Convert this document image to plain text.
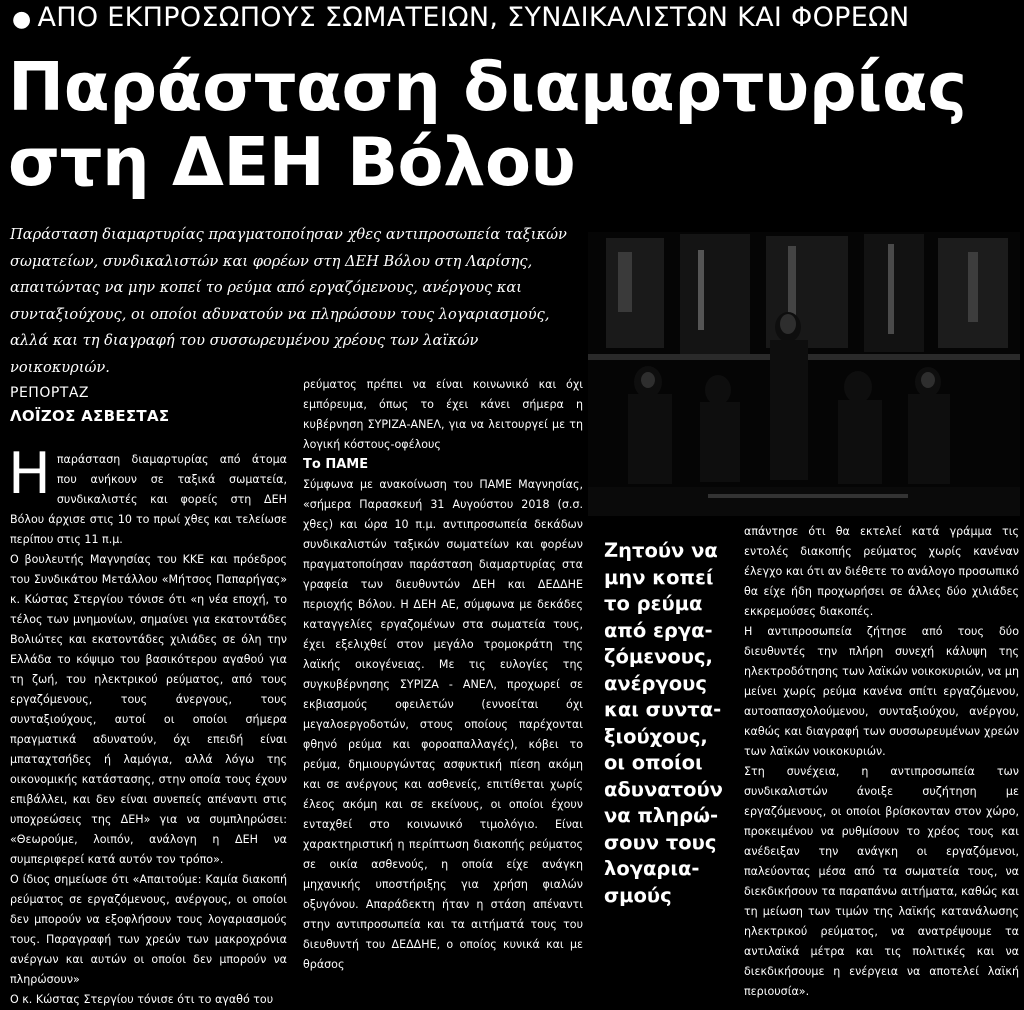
● ΑΠΟ ΕΚΠΡΟΣΩΠΟΥΣ ΣΩΜΑΤΕΙΩΝ, ΣΥΝΔΙΚΑΛΙΣΤΩΝ ΚΑΙ ΦΟΡΕΩΝ
Παράσταση διαμαρτυρίας
στη ΔΕΗ Βόλου
Παράσταση διαμαρτυρίας πραγματοποίησαν χθες αντιπροσωπεία ταξικών σωματείων, συνδικαλιστών και φορέων στη ΔΕΗ Βόλου στη Λαρίσης, απαιτώντας να μην κοπεί το ρεύμα από εργαζόμενους, ανέργους και συνταξιούχους, οι οποίοι αδυνατούν να πληρώσουν τους λογαριασμούς, αλλά και τη διαγραφή του συσσωρευμένου χρέους των λαϊκών νοικοκυριών.
ΡΕΠΟΡΤΑΖ
ΛΟΪΖΟΣ ΑΣΒΕΣΤΑΣ
Η παράσταση διαμαρτυρίας από άτομα που ανήκουν σε ταξικά σωματεία, συνδικαλιστές και φορείς στη ΔΕΗ Βόλου άρχισε στις 10 το πρωί χθες και τελείωσε περίπου στις 11 π.μ.

Ο βουλευτής Μαγνησίας του ΚΚΕ και πρόεδρος του Συνδικάτου Μετάλλου «Μήτσος Παπαρήγας» κ. Κώστας Στεργίου τόνισε ότι «η νέα εποχή, το τέλος των μνημονίων, σημαίνει για εκατοντάδες Βολιώτες και εκατοντάδες χιλιάδες σε όλη την Ελλάδα το κόψιμο του βασικότερου αγαθού για τη ζωή, του ηλεκτρικού ρεύματος, από τους εργαζόμενους, τους άνεργους, τους συνταξιούχους, αυτοί οι οποίοι σήμερα πραγματικά αδυνατούν, όχι επειδή είναι μπαταχτσήδες ή λαμόγια, αλλά λόγω της οικονομικής κατάστασης, στην οποία τους έχουν επιβάλλει, και δεν είναι συνεπείς απέναντι στις υποχρεώσεις της ΔΕΗ» για να συμπληρώσει: «Θεωρούμε, λοιπόν, ανάλογη η ΔΕΗ να συμπεριφερεί κατά αυτόν τον τρόπο».

Ο ίδιος σημείωσε ότι «Απαιτούμε: Καμία διακοπή ρεύματος σε εργαζόμενους, ανέργους, οι οποίοι δεν μπορούν να εξοφλήσουν τους λογαριασμούς τους. Παραγραφή των χρεών των μακροχρόνια ανέργων και αυτών οι οποίοι δεν μπορούν να πληρώσουν»

Ο κ. Κώστας Στεργίου τόνισε ότι το αγαθό του

ρεύματος πρέπει να είναι κοινωνικό και όχι εμπόρευμα, όπως το έχει κάνει σήμερα η κυβέρνηση ΣΥΡΙΖΑ-ΑΝΕΛ, για να λειτουργεί με τη λογική κόστους-οφέλους

Το ΠΑΜΕ

Σύμφωνα με ανακοίνωση του ΠΑΜΕ Μαγνησίας, «σήμερα Παρασκευή 31 Αυγούστου 2018 (σ.σ. χθες) και ώρα 10 π.μ. αντιπροσωπεία δεκάδων συνδικαλιστών ταξικών σωματείων και φορέων πραγματοποίησαν παράσταση διαμαρτυρίας στα γραφεία των διευθυντών ΔΕΗ και ΔΕΔΔΗΕ περιοχής Βόλου. Η ΔΕΗ ΑΕ, σύμφωνα με δεκάδες καταγγελίες εργαζομένων στα σωματεία τους, έχει εξελιχθεί στον μεγάλο τρομοκράτη της λαϊκής οικογένειας. Με τις ευλογίες της συγκυβέρνησης ΣΥΡΙΖΑ - ΑΝΕΛ, προχωρεί σε εκβιασμούς οφειλετών (εννοείται όχι μεγαλοεργοδοτών, στους οποίους παρέχονται φθηνό ρεύμα και φοροαπαλλαγές), κόβει το ρεύμα, δημιουργώντας ασφυκτική πίεση ακόμη και σε ανέργους και ασθενείς, επιτίθεται χωρίς έλεος ακόμη και σε εκείνους, οι οποίοι έχουν ενταχθεί στο κοινωνικό τιμολόγιο. Είναι χαρακτηριστική η περίπτωση διακοπής ρεύματος σε οικία ασθενούς, η οποία είχε ανάγκη μηχανικής υποστήριξης για χρήση φιαλών οξυγόνου. Απαράδεκτη ήταν η στάση απέναντι στην αντιπροσωπεία και τα αιτήματά τους του διευθυντή του ΔΕΔΔΗΕ, ο οποίος κυνικά και με θράσος

Ζητούν να
μην κοπεί
το ρεύμα
από εργα-
ζόμενους,
ανέργους
και συντα-
ξιούχους,
οι οποίοι
αδυνατούν
να πληρώ-
σουν τους
λογαρια-
σμούς

απάντησε ότι θα εκτελεί κατά γράμμα τις εντολές διακοπής ρεύματος χωρίς κανέναν έλεγχο και ότι αν διέθετε το ανάλογο προσωπικό θα είχε ήδη προχωρήσει σε άλλες δύο χιλιάδες εκκρεμούσες διακοπές.

Η αντιπροσωπεία ζήτησε από τους δύο διευθυντές την πλήρη συνεχή κάλυψη της ηλεκτροδότησης των λαϊκών νοικοκυριών, να μη μείνει χωρίς ρεύμα κανένα σπίτι εργαζόμενου, αυτοαπασχολούμενου, συνταξιούχου, ανέργου, καθώς και διαγραφή των συσσωρευμένων χρεών των λαϊκών νοικοκυριών.

Στη συνέχεια, η αντιπροσωπεία των συνδικαλιστών άνοιξε συζήτηση με εργαζόμενους, οι οποίοι βρίσκονταν στον χώρο, προκειμένου να ρυθμίσουν το χρέος τους και ανέδειξαν την ανάγκη οι εργαζόμενοι, παλεύοντας μέσα από τα σωματεία τους, να διεκδικήσουν τα παραπάνω αιτήματα, καθώς και τη μείωση των τιμών της λαϊκής κατανάλωσης ηλεκτρικού ρεύματος, να ανατρέψουμε τα αντιλαϊκά μέτρα και τις πολιτικές και να διεκδικήσουμε η ενέργεια να αποτελεί λαϊκή περιουσία».
